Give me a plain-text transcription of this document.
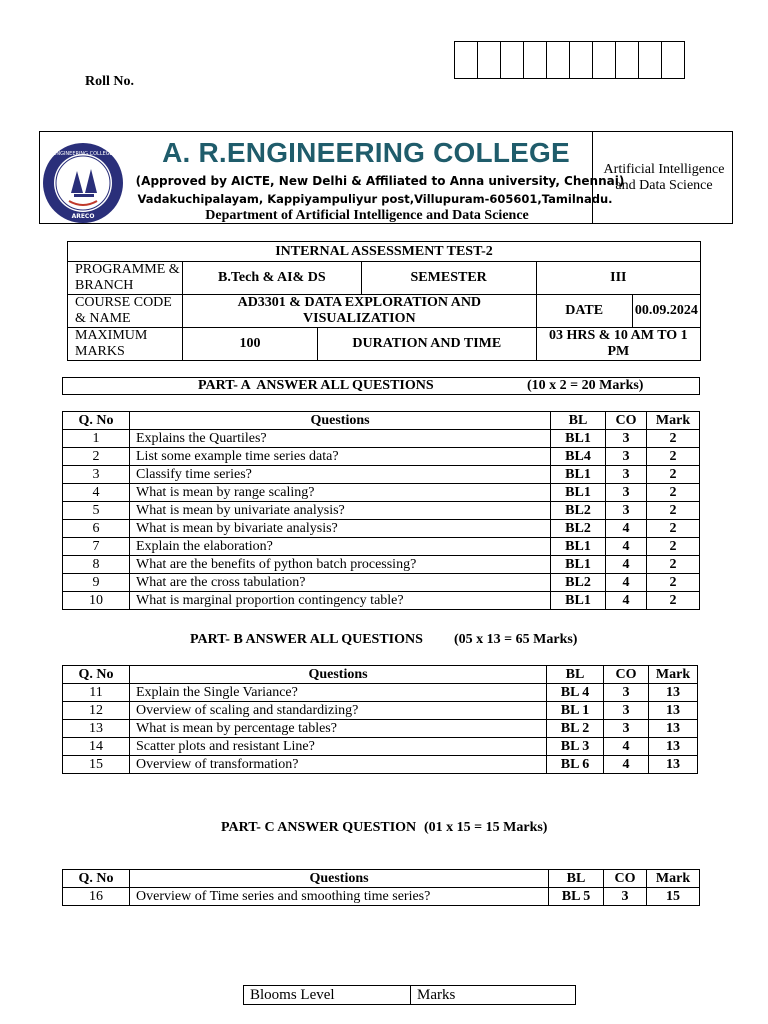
Roll No.
ENGINEERING COLLEGE
ARECO
A. R.ENGINEERING COLLEGE
(Approved by AICTE, New Delhi & Affiliated to Anna university, Chennai)
Vadakuchipalayam, Kappiyampuliyur post,Villupuram-605601,Tamilnadu.
Department of Artificial Intelligence and Data Science
Artificial Intelligence
and Data Science
INTERNAL ASSESSMENT TEST-2					
PROGRAMME & BRANCH	B.Tech & AI& DS		SEMESTER	III	
COURSE CODE & NAME	AD3301 & DATA EXPLORATION AND VISUALIZATION			DATE	00.09.2024
MAXIMUM MARKS	100	DURATION AND TIME		03 HRS & 10 AM TO 1 PM	
PART- A  ANSWER ALL QUESTIONS	(10 x 2 = 20 Marks)
Q. No	Questions	BL	CO	Mark
1	Explains the Quartiles?	BL1	3	2
2	List some example time series data?	BL4	3	2
3	Classify time series?	BL1	3	2
4	What is mean by range scaling?	BL1	3	2
5	What is mean by univariate analysis?	BL2	3	2
6	What is mean by bivariate analysis?	BL2	4	2
7	Explain the elaboration?	BL1	4	2
8	What are the benefits of python batch processing?	BL1	4	2
9	What are the cross tabulation?	BL2	4	2
10	What is marginal proportion contingency table?	BL1	4	2
PART- B ANSWER ALL QUESTIONS (05 x 13 = 65 Marks)
Q. No	Questions	BL	CO	Mark
11	Explain the Single Variance?	BL 4	3	13
12	Overview of scaling and standardizing?	BL 1	3	13
13	What is mean by percentage tables?	BL 2	3	13
14	Scatter plots and resistant Line?	BL 3	4	13
15	Overview of transformation?	BL 6	4	13
PART- C ANSWER QUESTION (01 x 15 = 15 Marks)
Q. No	Questions	BL	CO	Mark
16	Overview of Time series and smoothing time series?	BL 5	3	15
Blooms Level	Marks
